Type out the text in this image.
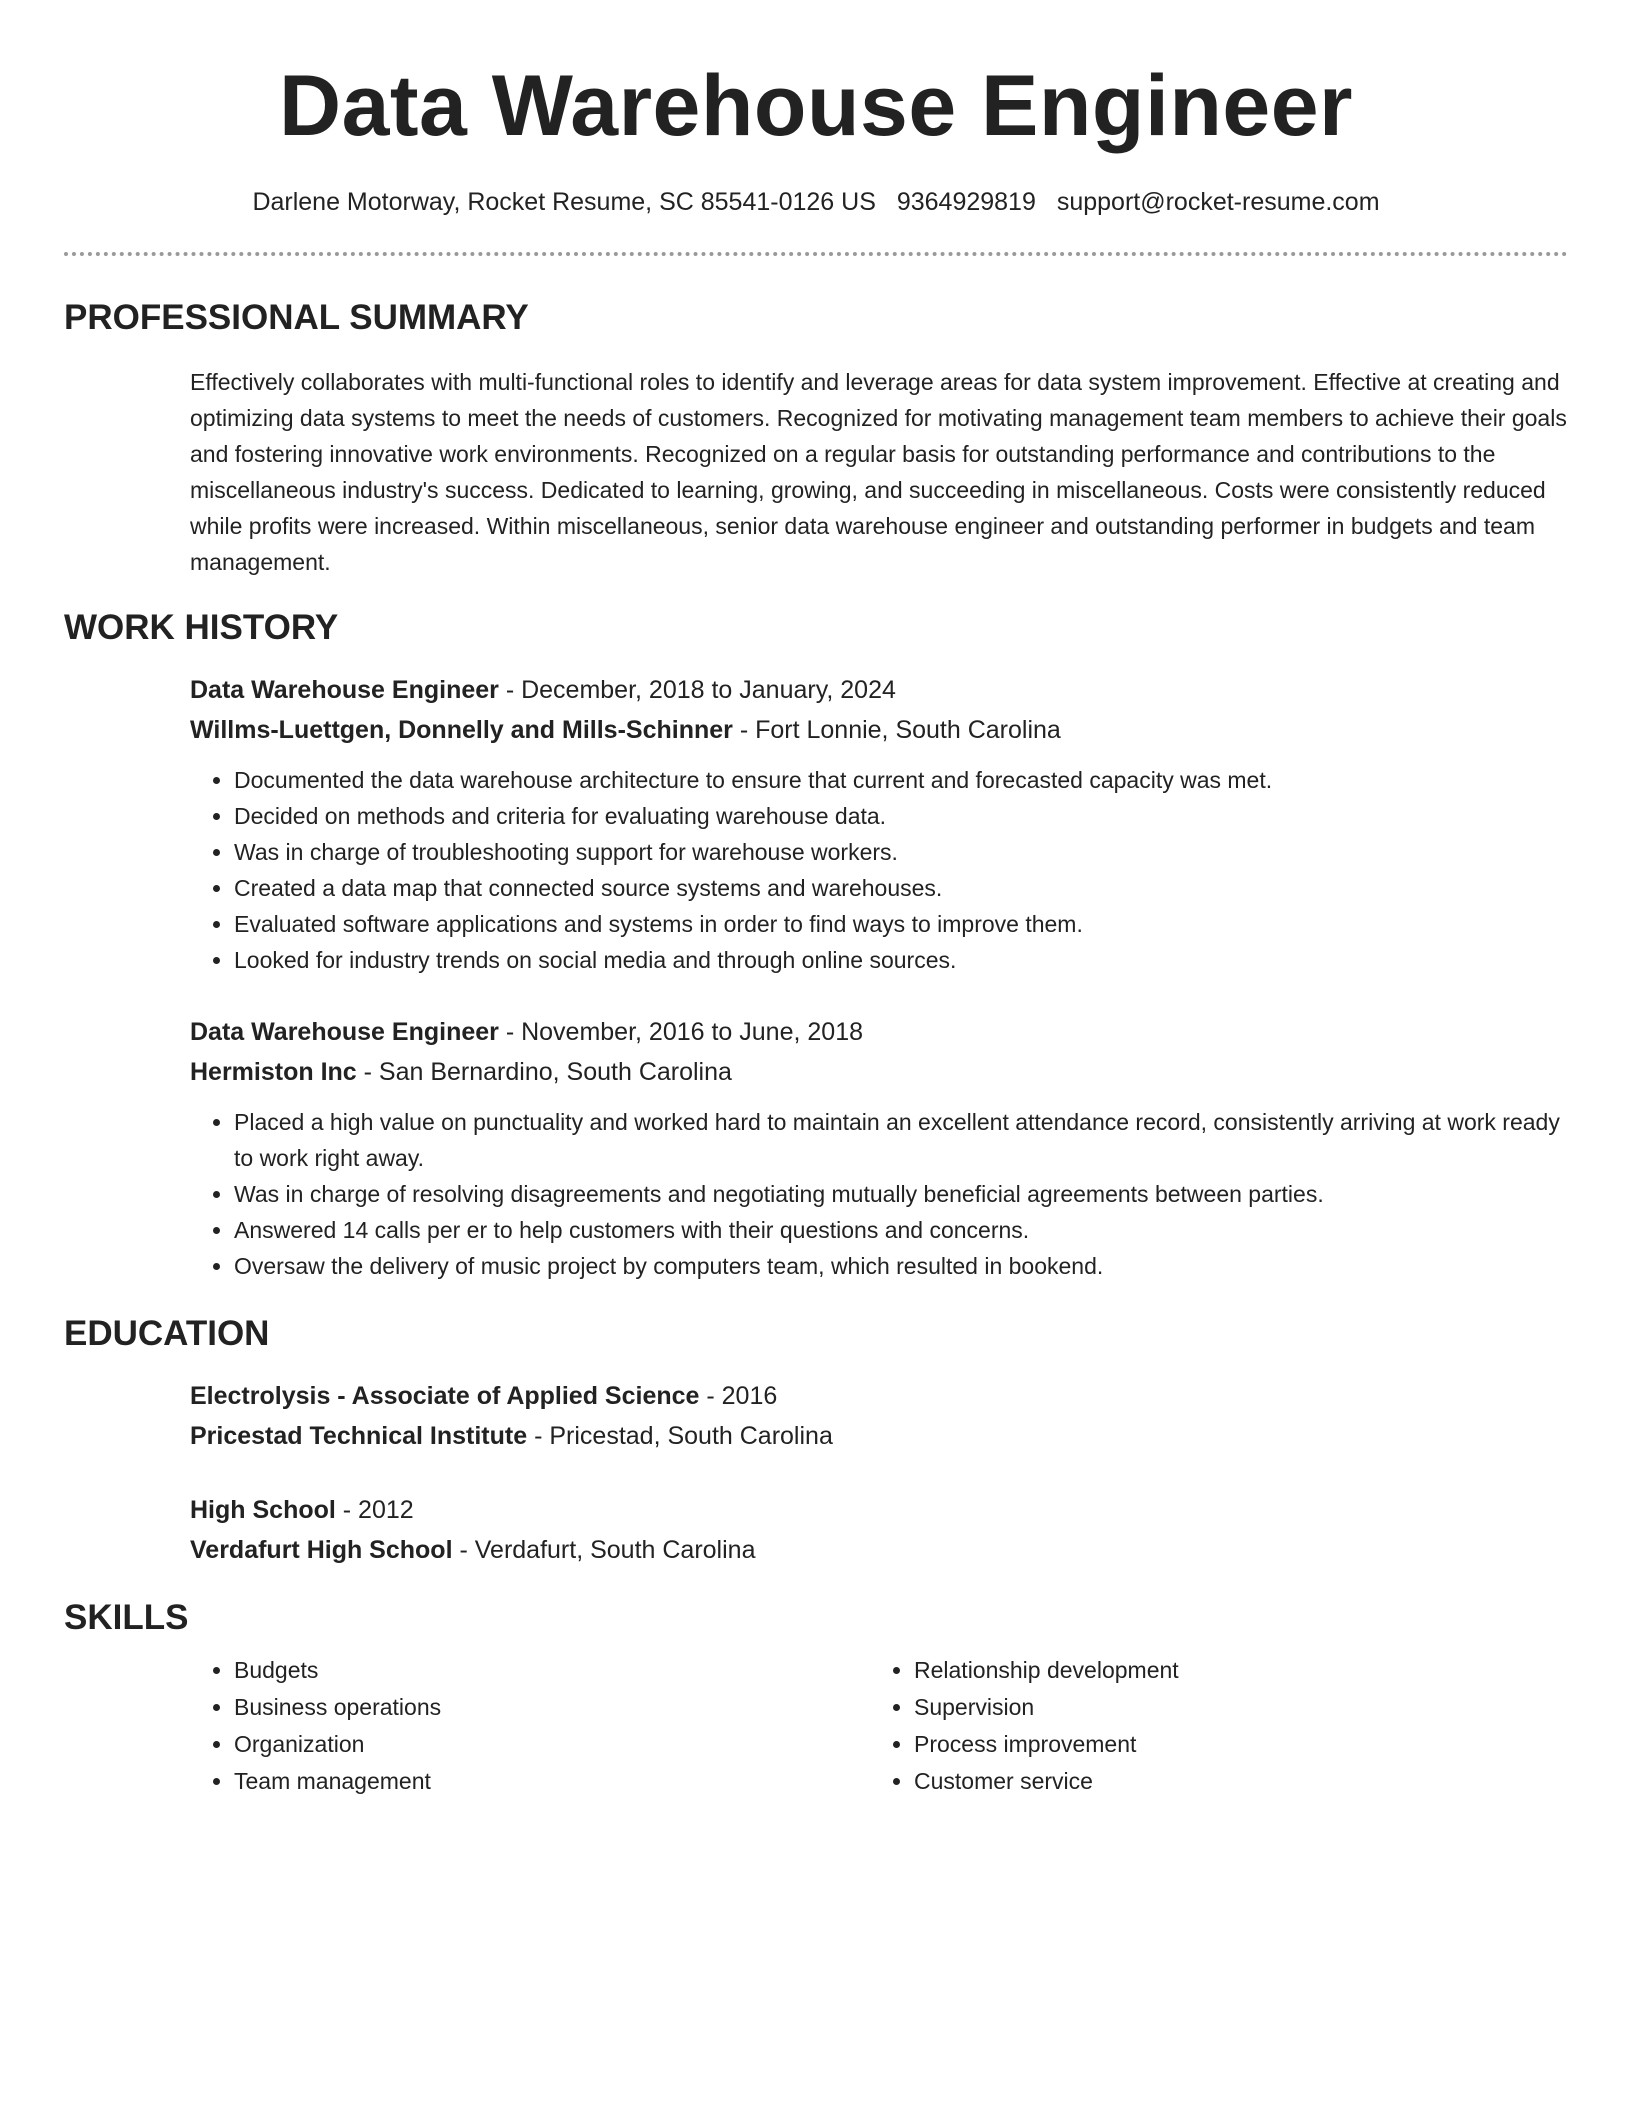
Data Warehouse Engineer
Darlene Motorway, Rocket Resume, SC 85541-0126 US 9364929819 support@rocket-resume.com
PROFESSIONAL SUMMARY
Effectively collaborates with multi-functional roles to identify and leverage areas for data system improvement. Effective at creating and optimizing data systems to meet the needs of customers. Recognized for motivating management team members to achieve their goals and fostering innovative work environments. Recognized on a regular basis for outstanding performance and contributions to the miscellaneous industry's success. Dedicated to learning, growing, and succeeding in miscellaneous. Costs were consistently reduced while profits were increased. Within miscellaneous, senior data warehouse engineer and outstanding performer in budgets and team management.
WORK HISTORY
Data Warehouse Engineer - December, 2018 to January, 2024
Willms-Luettgen, Donnelly and Mills-Schinner - Fort Lonnie, South Carolina
• Documented the data warehouse architecture to ensure that current and forecasted capacity was met.
• Decided on methods and criteria for evaluating warehouse data.
• Was in charge of troubleshooting support for warehouse workers.
• Created a data map that connected source systems and warehouses.
• Evaluated software applications and systems in order to find ways to improve them.
• Looked for industry trends on social media and through online sources.
Data Warehouse Engineer - November, 2016 to June, 2018
Hermiston Inc - San Bernardino, South Carolina
• Placed a high value on punctuality and worked hard to maintain an excellent attendance record, consistently arriving at work ready to work right away.
• Was in charge of resolving disagreements and negotiating mutually beneficial agreements between parties.
• Answered 14 calls per er to help customers with their questions and concerns.
• Oversaw the delivery of music project by computers team, which resulted in bookend.
EDUCATION
Electrolysis - Associate of Applied Science - 2016
Pricestad Technical Institute - Pricestad, South Carolina
High School - 2012
Verdafurt High School - Verdafurt, South Carolina
SKILLS
• Budgets
• Business operations
• Organization
• Team management
• Relationship development
• Supervision
• Process improvement
• Customer service
